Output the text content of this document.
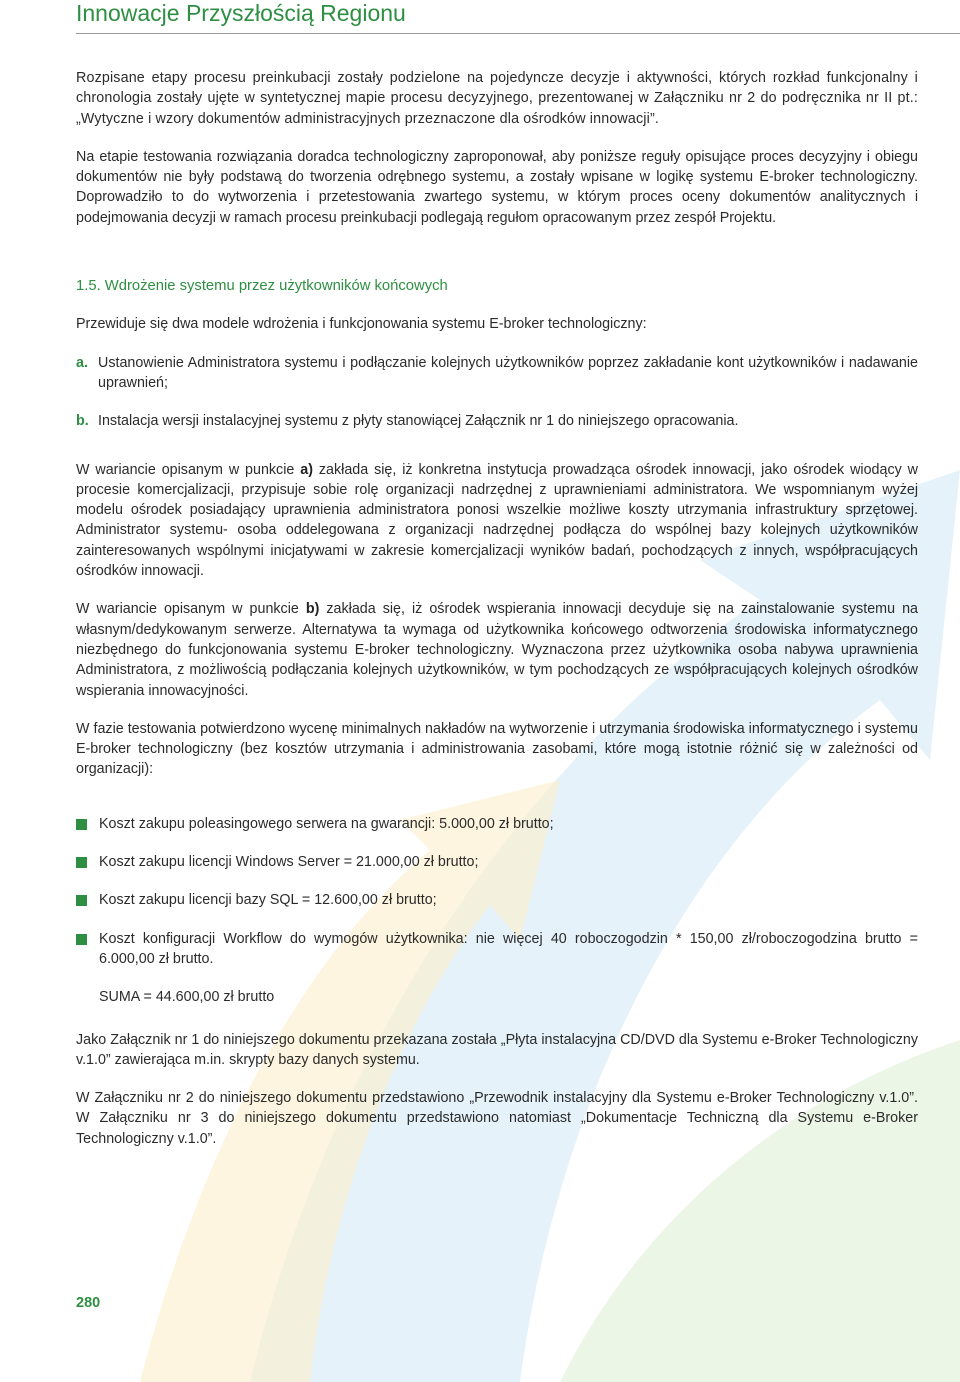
Innowacje Przyszłością Regionu

Rozpisane etapy procesu preinkubacji zostały podzielone na pojedyncze decyzje i aktywności, których rozkład funkcjonalny i chronologia zostały ujęte w syntetycznej mapie procesu decyzyjnego, prezentowanej w Załączniku nr 2 do podręcznika nr II pt.: „Wytyczne i wzory dokumentów administracyjnych przeznaczone dla ośrodków innowacji”.

Na etapie testowania rozwiązania doradca technologiczny zaproponował, aby poniższe reguły opisujące proces decyzyjny i obiegu dokumentów nie były podstawą do tworzenia odrębnego systemu, a zostały wpisane w logikę systemu E-broker technologiczny. Doprowadziło to do wytworzenia i przetestowania zwartego systemu, w którym proces oceny dokumentów analitycznych i podejmowania decyzji w ramach procesu preinkubacji podlegają regułom opracowanym przez zespół Projektu.

1.5. Wdrożenie systemu przez użytkowników końcowych

Przewiduje się dwa modele wdrożenia i funkcjonowania systemu E-broker technologiczny:

a. Ustanowienie Administratora systemu i podłączanie kolejnych użytkowników poprzez zakładanie kont użytkowników i nadawanie uprawnień;
b. Instalacja wersji instalacyjnej systemu z płyty stanowiącej Załącznik nr 1 do niniejszego opracowania.

W wariancie opisanym w punkcie a) zakłada się, iż konkretna instytucja prowadząca ośrodek innowacji, jako ośrodek wiodący w procesie komercjalizacji, przypisuje sobie rolę organizacji nadrzędnej z uprawnieniami administratora. We wspomnianym wyżej modelu ośrodek posiadający uprawnienia administratora ponosi wszelkie możliwe koszty utrzymania infrastruktury sprzętowej. Administrator systemu- osoba oddelegowana z organizacji nadrzędnej podłącza do wspólnej bazy kolejnych użytkowników zainteresowanych wspólnymi inicjatywami w zakresie komercjalizacji wyników badań, pochodzących z innych, współpracujących ośrodków innowacji.

W wariancie opisanym w punkcie b) zakłada się, iż ośrodek wspierania innowacji decyduje się na zainstalowanie systemu na własnym/dedykowanym serwerze. Alternatywa ta wymaga od użytkownika końcowego odtworzenia środowiska informatycznego niezbędnego do funkcjonowania systemu E-broker technologiczny. Wyznaczona przez użytkownika osoba nabywa uprawnienia Administratora, z możliwością podłączania kolejnych użytkowników, w tym pochodzących ze współpracujących kolejnych ośrodków wspierania innowacyjności.

W fazie testowania potwierdzono wycenę minimalnych nakładów na wytworzenie i utrzymania środowiska informatycznego i systemu E-broker technologiczny (bez kosztów utrzymania i administrowania zasobami, które mogą istotnie różnić się w zależności od organizacji):

Koszt zakupu poleasingowego serwera na gwarancji: 5.000,00 zł brutto;
Koszt zakupu licencji Windows Server = 21.000,00 zł brutto;
Koszt zakupu licencji bazy SQL = 12.600,00 zł brutto;
Koszt konfiguracji Workflow do wymogów użytkownika: nie więcej 40 roboczogodzin * 150,00 zł/roboczogodzina brutto = 6.000,00 zł brutto.

SUMA = 44.600,00 zł brutto

Jako Załącznik nr 1 do niniejszego dokumentu przekazana została „Płyta instalacyjna CD/DVD dla Systemu e-Broker Technologiczny v.1.0” zawierająca m.in. skrypty bazy danych systemu.

W Załączniku nr 2 do niniejszego dokumentu przedstawiono „Przewodnik instalacyjny dla Systemu e-Broker Technologiczny v.1.0”. W Załączniku nr 3 do niniejszego dokumentu przedstawiono natomiast „Dokumentacje Techniczną dla Systemu e-Broker Technologiczny v.1.0”.

280
